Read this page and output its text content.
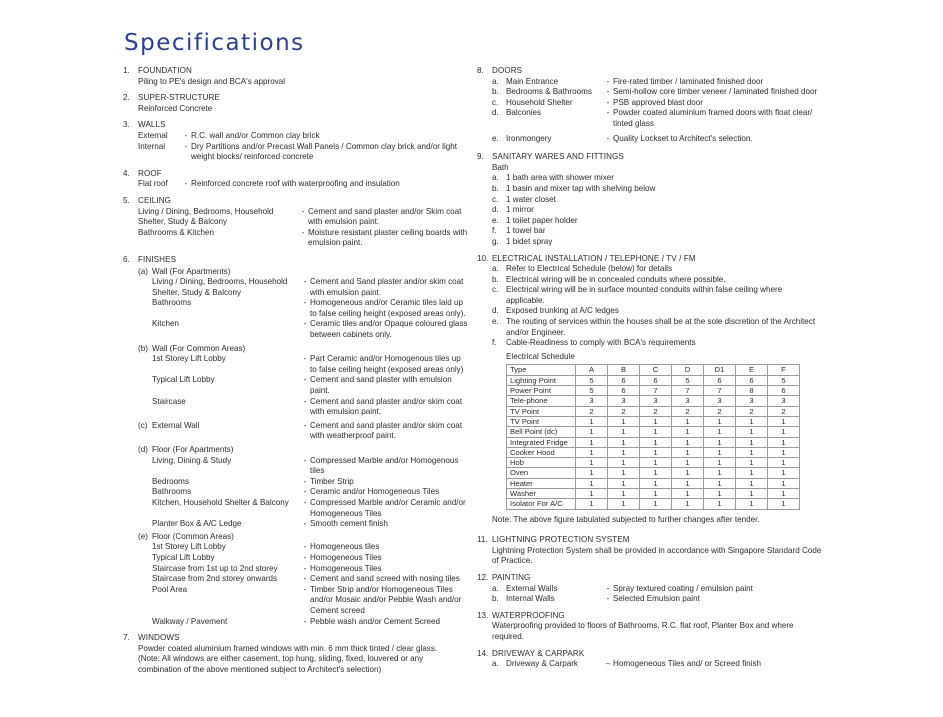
Specifications
1.	FOUNDATION
Piling to PE's design and BCA's approval
2.	SUPER-STRUCTURE
Reinforced Concrete
3.	WALLS
External	- R.C. wall and/or Common clay brick
Internal	- Dry Partitions and/or Precast Wall Panels / Common clay brick and/or light weight blocks/ reinforced concrete
4.	ROOF
Flat roof	- Reinforced concrete roof with waterproofing and insulation
5.	CEILING
Living / Dining, Bedrooms, Household Shelter, Study & Balcony
- Cement and sand plaster and/or Skim coat with emulsion paint.
Bathrooms & Kitchen	- Moisture resistant plaster ceiling boards with emulsion paint.
6.	FINISHES
(a) Wall (For Apartments)
Living / Dining, Bedrooms, Household Shelter, Study & Balcony
- Cement and Sand plaster and/or skim coat with emulsion paint.
Bathrooms	- Homogeneous and/or Ceramic tiles laid up to false ceiling height (exposed areas only).
Kitchen	- Ceramic tiles and/or Opaque coloured glass between cabinets only.
(b) Wall (For Common Areas)
1st Storey Lift Lobby	- Part Ceramic and/or Homogenous tiles up to false ceiling height (exposed areas only)
Typical Lift Lobby	- Cement and sand plaster with emulsion paint.
Staircase	- Cement and sand plaster and/or skim coat with emulsion paint.
(c) External Wall	- Cement and sand plaster and/or skim coat with weatherproof paint.
(d) Floor (For Apartments)
Living, Dining & Study	- Compressed Marble and/or Homogenous tiles
Bedrooms	- Timber Strip
Bathrooms	- Ceramic and/or Homogeneous Tiles
Kitchen, Household Shelter & Balcony	- Compressed Marble and/or Ceramic and/or Homogeneous Tiles
Planter Box & A/C Ledge	- Smooth cement finish
(e) Floor (Common Areas)
1st Storey Lift Lobby	- Homogeneous tiles
Typical Lift Lobby	- Homogeneous Tiles
Staircase from 1st up to 2nd storey	- Homogeneous Tiles
Staircase from 2nd storey onwards	- Cement and sand screed with nosing tiles
Pool Area	- Timber Strip and/or Homogeneous Tiles and/or Mosaic and/or Pebble Wash and/or Cement screed
Walkway / Pavement	- Pebble wash and/or Cement Screed
7.	WINDOWS
Powder coated aluminium framed windows with min. 6 mm thick tinted / clear glass.
(Note: All windows are either casement, top hung, sliding, fixed, louvered or any combination of the above mentioned subject to Architect's selection)
8.	DOORS
a. Main Entrance	- Fire-rated timber / laminated finished door
b. Bedrooms & Bathrooms	- Semi-hollow core timber veneer / laminated finished door
c. Household Shelter	- PSB approved blast door
d. Balconies	- Powder coated aluminium framed doors with float clear/ tinted glass
e. Ironmongery	- Quality Lockset to Architect's selection.
9.	SANITARY WARES AND FITTINGS
Bath
a. 1 bath area with shower mixer
b. 1 basin and mixer tap with shelving below
c. 1 water closet
d. 1 mirror
e. 1 toilet paper holder
f.	1 towel bar
g. 1 bidet spray
10. ELECTRICAL INSTALLATION / TELEPHONE / TV / FM
a. Refer to Electrical Schedule (below) for details
b. Electrical wiring will be in concealed conduits where possible.
c. Electrical wiring will be in surface mounted conduits within false ceiling where applicable.
d. Exposed trunking at A/C ledges
e. The routing of services within the houses shall be at the sole discretion of the Architect and/or Engineer.
f.	Cable-Readiness to comply with BCA's requirements
Electrical Schedule
Type	A	B	C	D	D1	E	F
Lighting Point	5	6	6	5	6	6	5
Power Point	5	6	7	7	7	8	6
Tele-phone	3	3	3	3	3	3	3
TV Point	2	2	2	2	2	2	2
TV Point	1	1	1	1	1	1	1
Bell Point (dc)	1	1	1	1	1	1	1
Integrated Fridge	1	1	1	1	1	1	1
Cooker Hood	1	1	1	1	1	1	1
Hob	1	1	1	1	1	1	1
Oven	1	1	1	1	1	1	1
Heater	1	1	1	1	1	1	1
Washer	1	1	1	1	1	1	1
Isolator For A/C	1	1	1	1	1	1	1
Note: The above figure tabulated subjected to further changes after tender.
11. LIGHTNING PROTECTION SYSTEM
Lightning Protection System shall be provided in accordance with Singapore Standard Code of Practice.
12. PAINTING
a. External Walls	- Spray textured coating / emulsion paint
b. Internal Walls	- Selected Emulsion paint
13. WATERPROOFING
Waterproofing provided to floors of Bathrooms, R.C. flat roof, Planter Box and where required.
14. DRIVEWAY & CARPARK
a. Driveway & Carpark	– Homogeneous Tiles and/ or Screed finish
